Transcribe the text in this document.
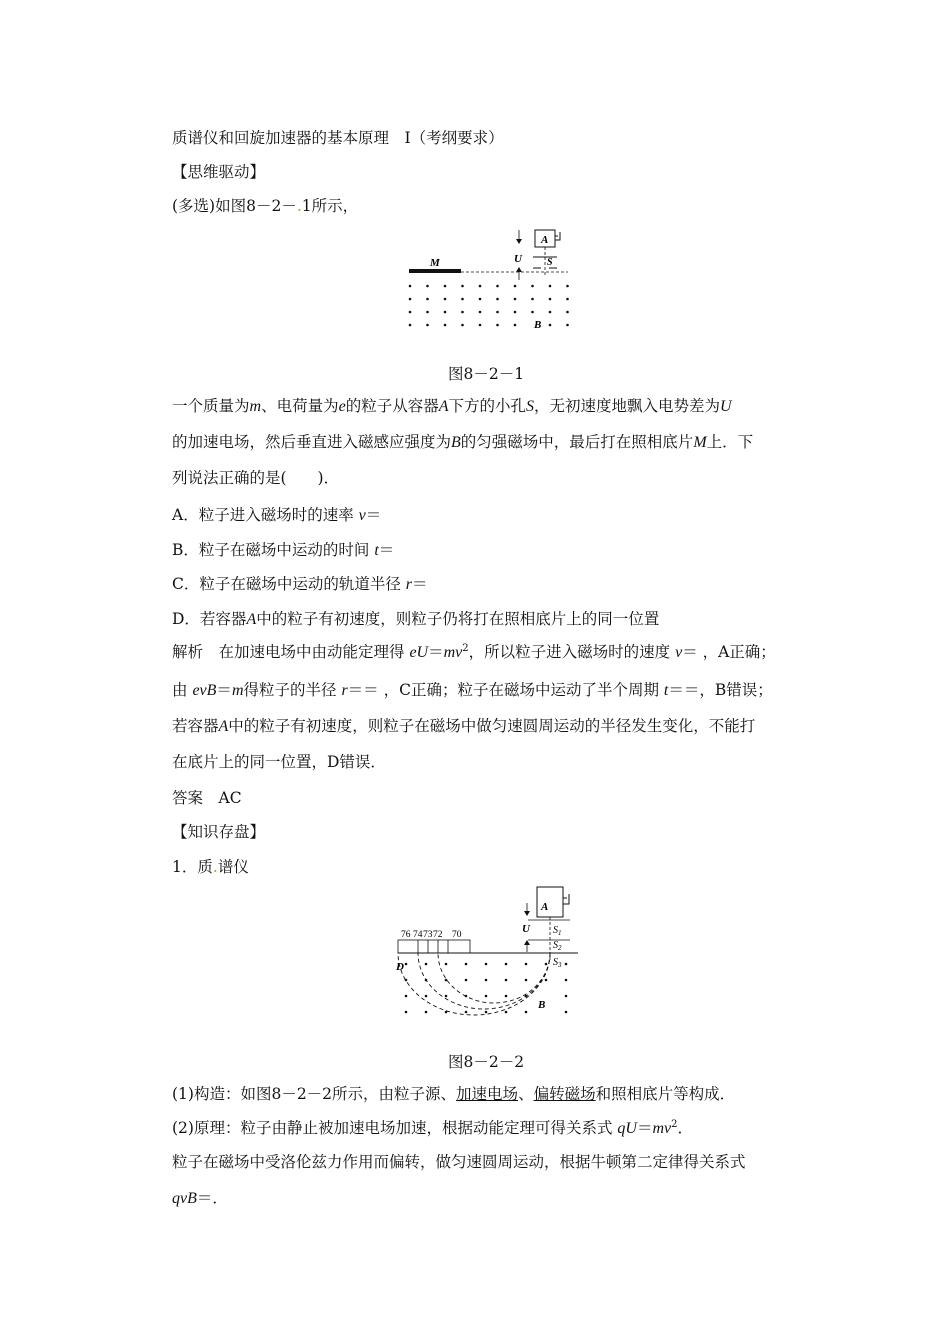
质谱仪和回旋加速器的基本原理　Ⅰ（考纲要求）
【思维驱动】
(多选)如图8－2－.1所示，
M
A
S
U
B
图8－2－1
一个质量为m、电荷量为e的粒子从容器A下方的小孔S，无初速度地飘入电势差为U
的加速电场，然后垂直进入磁感应强度为B的匀强磁场中，最后打在照相底片M上．下
列说法正确的是(　　)．
A．粒子进入磁场时的速率 v＝
B．粒子在磁场中运动的时间 t＝
C．粒子在磁场中运动的轨道半径 r＝
D．若容器A中的粒子有初速度，则粒子仍将打在照相底片上的同一位置
解析　在加速电场中由动能定理得 $eU=mv^2$，所以粒子进入磁场时的速度 v＝ ，A正确；
由 evB＝m得粒子的半径 r＝＝ ，C正确；粒子在磁场中运动了半个周期 t＝＝，B错误；
若容器A中的粒子有初速度，则粒子在磁场中做匀速圆周运动的半径发生变化，不能打
在底片上的同一位置，D错误．
答案　AC
【知识存盘】
1．质.谱仪
A
$S_1$
$S_2$
$S_3$
U
76 74 73 72 70
D
B
图8－2－2
(1)构造：如图8－2－2所示，由粒子源、加速电场、偏转磁场和照相底片等构成．
(2)原理：粒子由静止被加速电场加速，根据动能定理可得关系式 $qU=mv^2$．
粒子在磁场中受洛伦兹力作用而偏转，做匀速圆周运动，根据牛顿第二定律得关系式
qvB＝．
